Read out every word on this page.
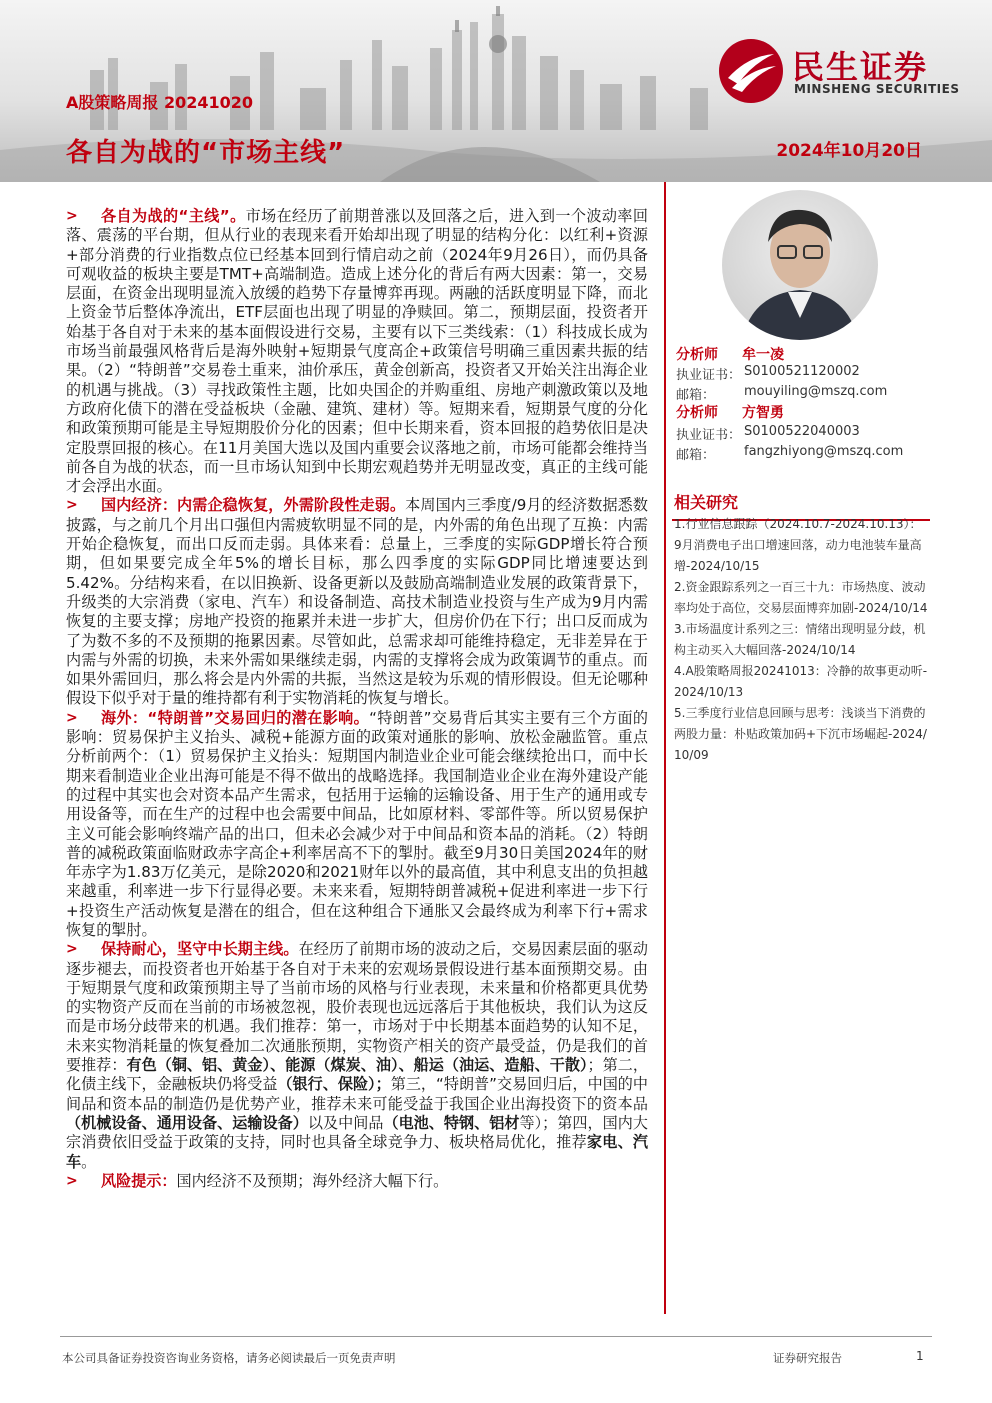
A股策略周报 20241020
各自为战的“市场主线”	2024年10月20日
民生证券
MINSHENG SECURITIES

> 各自为战的“主线”。市场在经历了前期普涨以及回落之后，进入到一个波动率回落、震荡的平台期，但从行业的表现来看开始却出现了明显的结构分化：以红利+资源+部分消费的行业指数点位已经基本回到行情启动之前（2024年9月26日），而仍具备可观收益的板块主要是TMT+高端制造。造成上述分化的背后有两大因素：第一，交易层面，在资金出现明显流入放缓的趋势下存量博弈再现。两融的活跃度明显下降，而北上资金节后整体净流出，ETF层面也出现了明显的净赎回。第二，预期层面，投资者开始基于各自对于未来的基本面假设进行交易，主要有以下三类线索：（1）科技成长成为市场当前最强风格背后是海外映射+短期景气度高企+政策信号明确三重因素共振的结果。（2）“特朗普”交易卷土重来，油价承压，黄金创新高，投资者又开始关注出海企业的机遇与挑战。（3）寻找政策性主题，比如央国企的并购重组、房地产刺激政策以及地方政府化债下的潜在受益板块（金融、建筑、建材）等。短期来看，短期景气度的分化和政策预期可能是主导短期股价分化的因素；但中长期来看，资本回报的趋势依旧是决定股票回报的核心。在11月美国大选以及国内重要会议落地之前，市场可能都会维持当前各自为战的状态，而一旦市场认知到中长期宏观趋势并无明显改变，真正的主线可能才会浮出水面。

> 国内经济：内需企稳恢复，外需阶段性走弱。本周国内三季度/9月的经济数据悉数披露，与之前几个月出口强但内需疲软明显不同的是，内外需的角色出现了互换：内需开始企稳恢复，而出口反而走弱。具体来看：总量上，三季度的实际GDP增长符合预期，但如果要完成全年5%的增长目标，那么四季度的实际GDP同比增速要达到5.42%。分结构来看，在以旧换新、设备更新以及鼓励高端制造业发展的政策背景下，升级类的大宗消费（家电、汽车）和设备制造、高技术制造业投资与生产成为9月内需恢复的主要支撑；房地产投资的拖累并未进一步扩大，但房价仍在下行；出口反而成为了为数不多的不及预期的拖累因素。尽管如此，总需求却可能维持稳定，无非差异在于内需与外需的切换，未来外需如果继续走弱，内需的支撑将会成为政策调节的重点。而如果外需回归，那么将会是内外需的共振，当然这是较为乐观的情形假设。但无论哪种假设下似乎对于量的维持都有利于实物消耗的恢复与增长。

> 海外：“特朗普”交易回归的潜在影响。“特朗普”交易背后其实主要有三个方面的影响：贸易保护主义抬头、减税+能源方面的政策对通胀的影响、放松金融监管。重点分析前两个：（1）贸易保护主义抬头：短期国内制造业企业可能会继续抢出口，而中长期来看制造业企业出海可能是不得不做出的战略选择。我国制造业企业在海外建设产能的过程中其实也会对资本品产生需求，包括用于运输的运输设备、用于生产的通用或专用设备等，而在生产的过程中也会需要中间品，比如原材料、零部件等。所以贸易保护主义可能会影响终端产品的出口，但未必会减少对于中间品和资本品的消耗。（2）特朗普的减税政策面临财政赤字高企+利率居高不下的掣肘。截至9月30日美国2024年的财年赤字为1.83万亿美元，是除2020和2021财年以外的最高值，其中利息支出的负担越来越重，利率进一步下行显得必要。未来来看，短期特朗普减税+促进利率进一步下行+投资生产活动恢复是潜在的组合，但在这种组合下通胀又会最终成为利率下行+需求恢复的掣肘。

> 保持耐心，坚守中长期主线。在经历了前期市场的波动之后，交易因素层面的驱动逐步褪去，而投资者也开始基于各自对于未来的宏观场景假设进行基本面预期交易。由于短期景气度和政策预期主导了当前市场的风格与行业表现，未来量和价格都更具优势的实物资产反而在当前的市场被忽视，股价表现也远远落后于其他板块，我们认为这反而是市场分歧带来的机遇。我们推荐：第一，市场对于中长期基本面趋势的认知不足，未来实物消耗量的恢复叠加二次通胀预期，实物资产相关的资产最受益，仍是我们的首要推荐：有色（铜、铝、黄金）、能源（煤炭、油）、船运（油运、造船、干散）；第二，化债主线下，金融板块仍将受益（银行、保险）；第三，“特朗普”交易回归后，中国的中间品和资本品的制造仍是优势产业，推荐未来可能受益于我国企业出海投资下的资本品（机械设备、通用设备、运输设备）以及中间品（电池、特钢、铝材等）；第四，国内大宗消费依旧受益于政策的支持，同时也具备全球竞争力、板块格局优化，推荐家电、汽车。

> 风险提示：国内经济不及预期；海外经济大幅下行。

分析师 牟一凌
执业证书： S0100521120002
邮箱： mouyiling@mszq.com
分析师 方智勇
执业证书： S0100522040003
邮箱： fangzhiyong@mszq.com
相关研究

1.行业信息跟踪（2024.10.7-2024.10.13）：9月消费电子出口增速回落，动力电池装车量高增-2024/10/15

2.资金跟踪系列之一百三十九：市场热度、波动率均处于高位，交易层面博弈加剧-2024/10/14

3.市场温度计系列之三：情绪出现明显分歧，机构主动买入大幅回落-2024/10/14

4.A股策略周报20241013：冷静的故事更动听-2024/10/13

5.三季度行业信息回顾与思考：浅谈当下消费的两股力量：朴贴政策加码+下沉市场崛起-2024/10/09

本公司具备证券投资咨询业务资格，请务必阅读最后一页免责声明	证券研究报告	1
